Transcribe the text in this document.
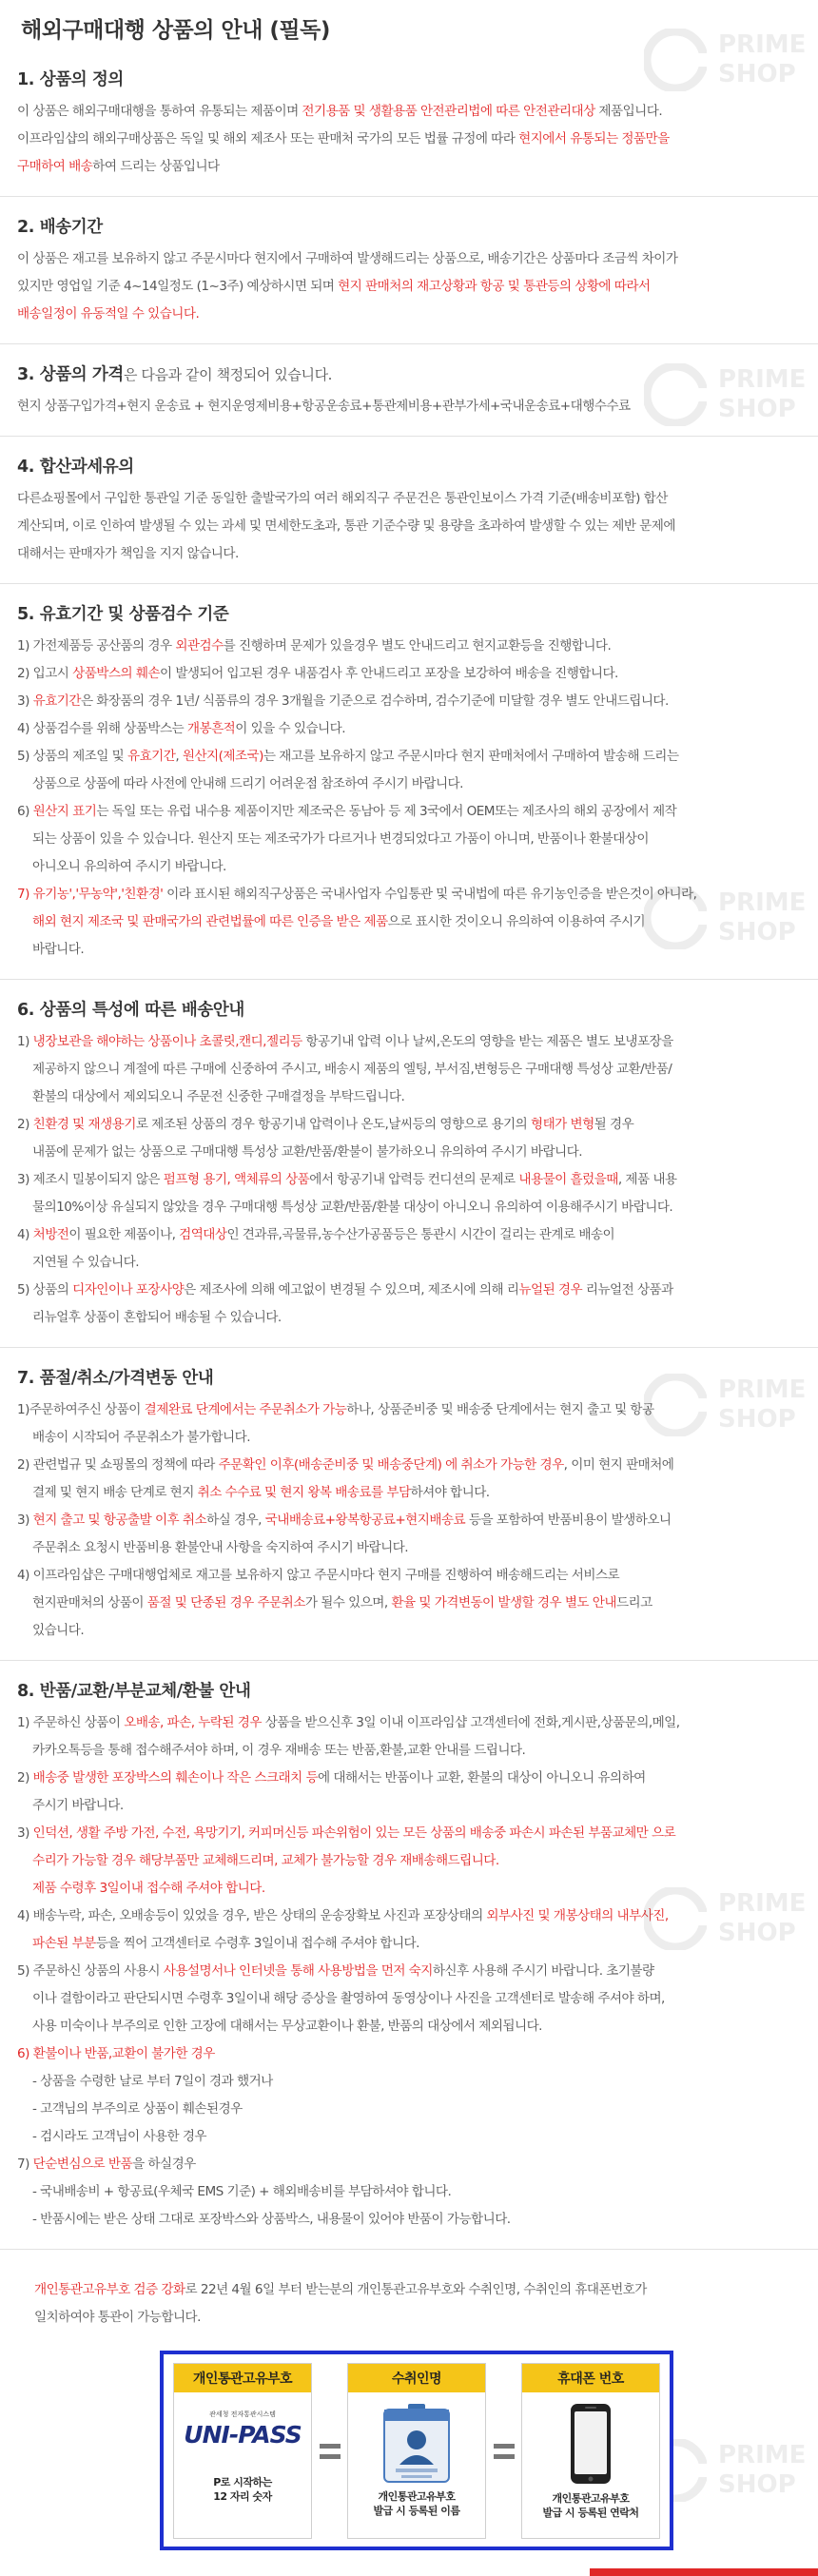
PRIME
SHOP
PRIME
SHOP
PRIME
SHOP
PRIME
SHOP
PRIME
SHOP
PRIME
SHOP
해외구매대행 상품의 안내 (필독)
1. 상품의 정의

이 상품은 해외구매대행을 통하여 유통되는 제품이며 전기용품 및 생활용품 안전관리법에 따른 안전관리대상 제품입니다.

이프라임샵의 해외구매상품은 독일 및 해외 제조사 또는 판매처 국가의 모든 법률 규정에 따라 현지에서 유통되는 정품만을

구매하여 배송하여 드리는 상품입니다

2. 배송기간

이 상품은 재고를 보유하지 않고 주문시마다 현지에서 구매하여 발생해드리는 상품으로, 배송기간은 상품마다 조금씩 차이가

있지만 영업일 기준 4~14일정도 (1~3주) 예상하시면 되며 현지 판매처의 재고상황과 항공 및 통관등의 상황에 따라서

배송일정이 유동적일 수 있습니다.

3. 상품의 가격은 다음과 같이 책정되어 있습니다.

현지 상품구입가격+현지 운송료 + 현지운영제비용+항공운송료+통관제비용+관부가세+국내운송료+대행수수료

4. 합산과세유의

다른쇼핑몰에서 구입한 통관일 기준 동일한 출발국가의 여러 해외직구 주문건은 통관인보이스 가격 기준(배송비포함) 합산

계산되며, 이로 인하여 발생될 수 있는 과세 및 면세한도초과, 통관 기준수량 및 용량을 초과하여 발생할 수 있는 제반 문제에

대해서는 판매자가 책임을 지지 않습니다.

5. 유효기간 및 상품검수 기준

1) 가전제품등 공산품의 경우 외관검수를 진행하며 문제가 있을경우 별도 안내드리고 현지교환등을 진행합니다.

2) 입고시 상품박스의 훼손이 발생되어 입고된 경우 내품검사 후 안내드리고 포장을 보강하여 배송을 진행합니다.

3) 유효기간은 화장품의 경우 1년/ 식품류의 경우 3개월을 기준으로 검수하며, 검수기준에 미달할 경우 별도 안내드립니다.

4) 상품검수를 위해 상품박스는 개봉흔적이 있을 수 있습니다.

5) 상품의 제조일 및 유효기간, 원산지(제조국)는 재고를 보유하지 않고 주문시마다 현지 판매처에서 구매하여 발송해 드리는

상품으로 상품에 따라 사전에 안내해 드리기 어려운점 참조하여 주시기 바랍니다.

6) 원산지 표기는 독일 또는 유럽 내수용 제품이지만 제조국은 동남아 등 제 3국에서 OEM또는 제조사의 해외 공장에서 제작

되는 상품이 있을 수 있습니다. 원산지 또는 제조국가가 다르거나 변경되었다고 가품이 아니며, 반품이나 환불대상이

아니오니 유의하여 주시기 바랍니다.

7) 유기농','무농약','친환경' 이라 표시된 해외직구상품은 국내사업자 수입통관 및 국내법에 따른 유기농인증을 받은것이 아니라,

해외 현지 제조국 및 판매국가의 관련법률에 따른 인증을 받은 제품으로 표시한 것이오니 유의하여 이용하여 주시기

바랍니다.

6. 상품의 특성에 따른 배송안내

1) 냉장보관을 해야하는 상품이나 초콜릿,캔디,젤리등 항공기내 압력 이나 날씨,온도의 영향을 받는 제품은 별도 보냉포장을

제공하지 않으니 계절에 따른 구매에 신중하여 주시고, 배송시 제품의 엘팅, 부서짐,변형등은 구매대행 특성상 교환/반품/

환불의 대상에서 제외되오니 주문전 신중한 구매결정을 부탁드립니다.

2) 친환경 및 재생용기로 제조된 상품의 경우 항공기내 압력이나 온도,날씨등의 영향으로 용기의 형태가 변형될 경우

내품에 문제가 없는 상품으로 구매대행 특성상 교환/반품/환불이 불가하오니 유의하여 주시기 바랍니다.

3) 제조시 밀봉이되지 않은 펌프형 용기, 액체류의 상품에서 항공기내 압력등 컨디션의 문제로 내용물이 흘렀을때, 제품 내용

물의10%이상 유실되지 않았을 경우 구매대행 특성상 교환/반품/환불 대상이 아니오니 유의하여 이용해주시기 바랍니다.

4) 처방전이 필요한 제품이나, 검역대상인 견과류,곡물류,농수산가공품등은 통관시 시간이 걸리는 관계로 배송이

지연될 수 있습니다.

5) 상품의 디자인이나 포장사양은 제조사에 의해 예고없이 변경될 수 있으며, 제조시에 의해 리뉴얼된 경우 리뉴얼전 상품과

리뉴얼후 상품이 혼합되어 배송될 수 있습니다.

7. 품절/취소/가격변동 안내

1)주문하여주신 상품이 결제완료 단계에서는 주문취소가 가능하나, 상품준비중 및 배송중 단계에서는 현지 출고 및 항공

배송이 시작되어 주문취소가 불가합니다.

2) 관련법규 및 쇼핑몰의 정책에 따라 주문확인 이후(배송준비중 및 배송중단계) 에 취소가 가능한 경우, 이미 현지 판매처에

결제 및 현지 배송 단계로 현지 취소 수수료 및 현지 왕복 배송료를 부담하셔야 합니다.

3) 현지 출고 및 항공출발 이후 취소하실 경우, 국내배송료+왕복항공료+현지배송료 등을 포함하여 반품비용이 발생하오니

주문취소 요청시 반품비용 환불안내 사항을 숙지하여 주시기 바랍니다.

4) 이프라임샵은 구매대행업체로 재고를 보유하지 않고 주문시마다 현지 구매를 진행하여 배송해드리는 서비스로

현지판매처의 상품이 품절 및 단종된 경우 주문취소가 될수 있으며, 환율 및 가격변동이 발생할 경우 별도 안내드리고

있습니다.

8. 반품/교환/부분교체/환불 안내

1) 주문하신 상품이 오배송, 파손, 누락된 경우 상품을 받으신후 3일 이내 이프라임샵 고객센터에 전화,게시판,상품문의,메일,

카카오톡등을 통해 접수해주셔야 하며, 이 경우 재배송 또는 반품,환불,교환 안내를 드립니다.

2) 배송중 발생한 포장박스의 훼손이나 작은 스크래치 등에 대해서는 반품이나 교환, 환불의 대상이 아니오니 유의하여

주시기 바랍니다.

3) 인덕션, 생활 주방 가전, 수전, 욕망기기, 커피머신등 파손위험이 있는 모든 상품의 배송중 파손시 파손된 부품교체만 으로

수리가 가능할 경우 해당부품만 교체해드리며, 교체가 불가능할 경우 재배송해드립니다.

제품 수령후 3일이내 접수해 주셔야 합니다.

4) 배송누락, 파손, 오배송등이 있었을 경우, 받은 상태의 운송장확보 사진과 포장상태의 외부사진 및 개봉상태의 내부사진,

파손된 부분등을 찍어 고객센터로 수령후 3일이내 접수해 주셔야 합니다.

5) 주문하신 상품의 사용시 사용설명서나 인터넷을 통해 사용방법을 먼저 숙지하신후 사용해 주시기 바랍니다. 초기불량

이나 결함이라고 판단되시면 수령후 3일이내 해당 증상을 촬영하여 동영상이나 사진을 고객센터로 발송해 주셔야 하며,

사용 미숙이나 부주의로 인한 고장에 대해서는 무상교환이나 환불, 반품의 대상에서 제외됩니다.

6) 환불이나 반품,교환이 불가한 경우

- 상품을 수령한 날로 부터 7일이 경과 했거나

- 고객님의 부주의로 상품이 훼손된경우

- 검시라도 고객님이 사용한 경우

7) 단순변심으로 반품을 하실경우

- 국내배송비 + 항공료(우체국 EMS 기준) + 해외배송비를 부담하셔야 합니다.

- 반품시에는 받은 상태 그대로 포장박스와 상품박스, 내용물이 있어야 반품이 가능합니다.

개인통관고유부호 검증 강화로 22년 4월 6일 부터 받는분의 개인통관고유부호와 수취인명, 수취인의 휴대폰번호가

일치하여야 통관이 가능합니다.

개인통관고유부호
관세청 전자통관시스템
UNI-PASS
P로 시작하는
12 자리 숫자
수취인명
개인통관고유부호
발급 시 등록된 이름
휴대폰 번호
개인통관고유부호
발급 시 등록된 연락처
